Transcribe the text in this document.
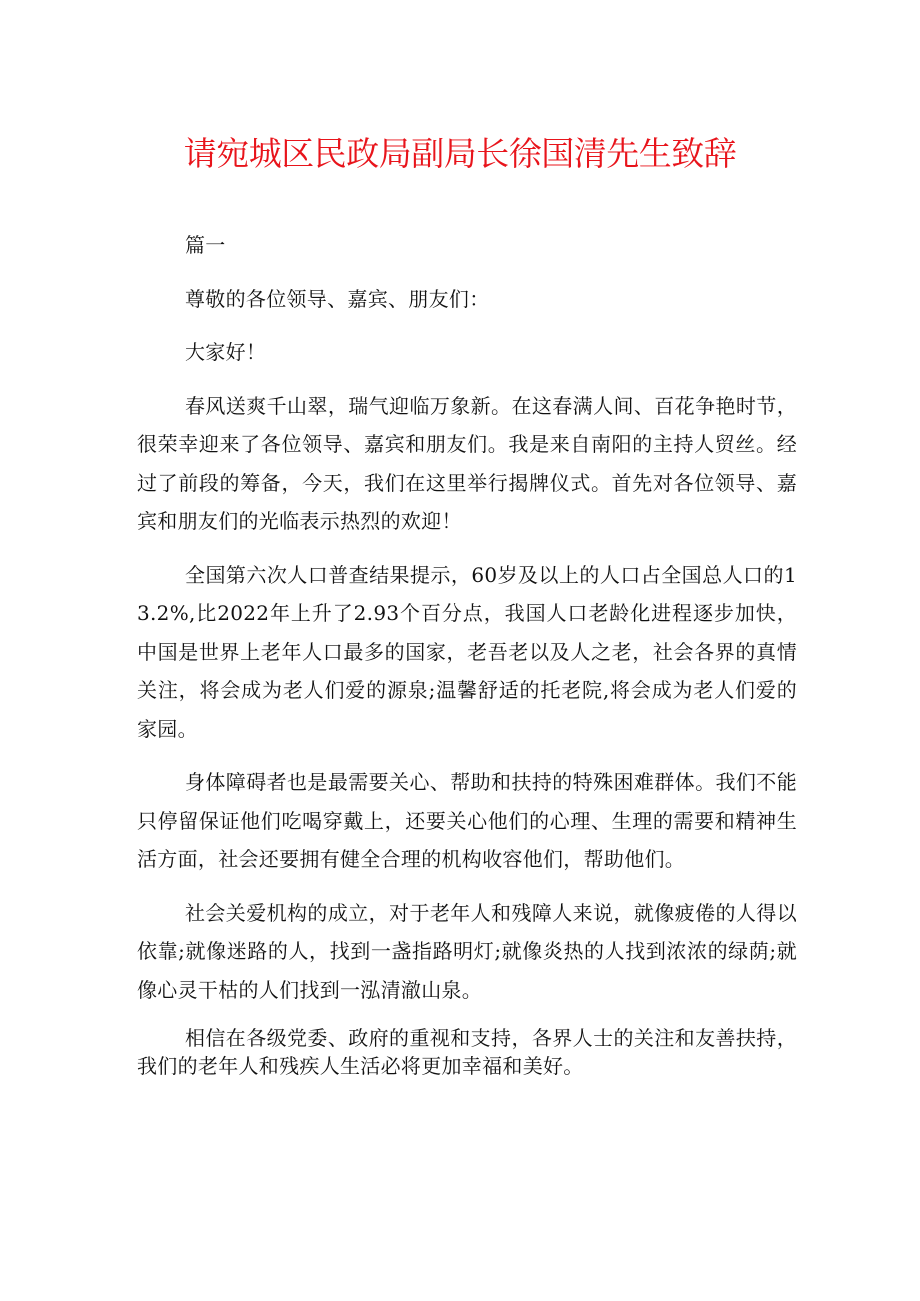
请宛城区民政局副局长徐国清先生致辞

篇一

尊敬的各位领导、嘉宾、朋友们：

大家好！

春风送爽千山翠，瑞气迎临万象新。在这春满人间、百花争艳时节，很荣幸迎来了各位领导、嘉宾和朋友们。我是来自南阳的主持人贸丝。经过了前段的筹备，今天，我们在这里举行揭牌仪式。首先对各位领导、嘉宾和朋友们的光临表示热烈的欢迎！

全国第六次人口普查结果提示，60岁及以上的人口占全国总人口的13.2%,比2022年上升了2.93个百分点，我国人口老龄化进程逐步加快，中国是世界上老年人口最多的国家，老吾老以及人之老，社会各界的真情关注，将会成为老人们爱的源泉;温馨舒适的托老院,将会成为老人们爱的家园。

身体障碍者也是最需要关心、帮助和扶持的特殊困难群体。我们不能只停留保证他们吃喝穿戴上，还要关心他们的心理、生理的需要和精神生活方面，社会还要拥有健全合理的机构收容他们，帮助他们。

社会关爱机构的成立，对于老年人和残障人来说，就像疲倦的人得以依靠;就像迷路的人，找到一盏指路明灯;就像炎热的人找到浓浓的绿荫;就像心灵干枯的人们找到一泓清澈山泉。

相信在各级党委、政府的重视和支持，各界人士的关注和友善扶持，我们的老年人和残疾人生活必将更加幸福和美好。
